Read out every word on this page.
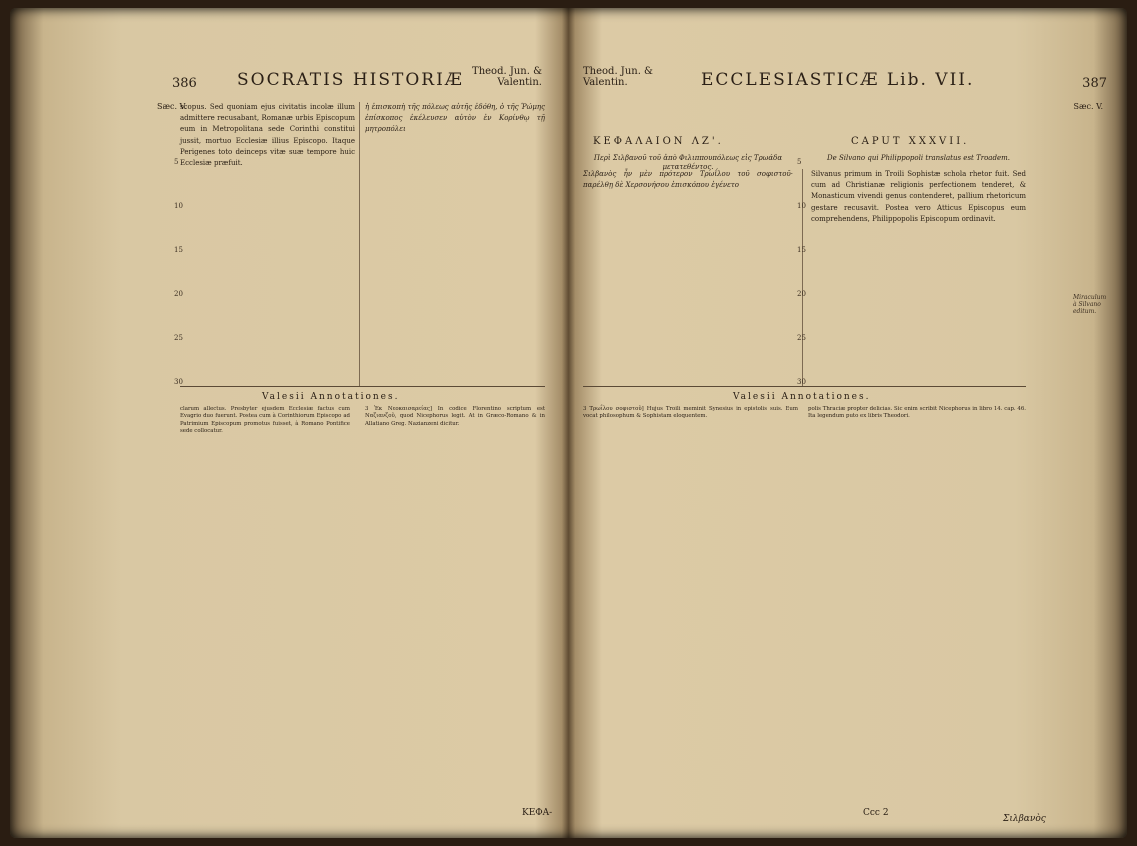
386 SOCRATIS HISTORIÆ Theod. Jun. & Valentin.
Sæc. V.
scopus. Sed quoniam ejus civitatis incolæ illum admittere recusabant, Romanæ urbis Episcopum eum in Metropolitana sede Corinthi constitui jussit, mortuo Ecclesiæ illius Episcopo. Itaque Perigenes toto deinceps vitæ suæ tempore huic Ecclesiæ præfuit.
ἡ ἐπισκοπὴ τῆς πόλεως αὐτῆς ἐδόθη, ὁ τῆς Ῥώμης ἐπίσκοπος ἐκέλευσεν αὐτὸν ἐν Κορίνθῳ τῇ μητροπόλει
Valesii Annotationes.
clarum allectus. Presbyter ejusdem Ecclesiæ factus cum Evagrio duo fuerunt. Postea cum à Corinthiorum Episcopo ad Patrimium Episcopum promotus fuisset, à Romano Pontifice sede collocatur.
3 Ἐκ Νεοκαισαρείας] In codice Florentino scriptum est Ναζιανζοῦ, quod Nicephorus legit. At in Græco-Romano & in Allatiano Greg. Nazianzeni dicitur.
ΚΕΦΑ-
5
10
15
20
25
30
Theod. Jun. & Valentin.	ECCLESIASTICÆ Lib. VII.	387
Sæc. V.
ΚΕΦΑΛΑΙΟΝ ΛΖ'.	CAPUT XXXVII.
Περὶ Σιλβανοῦ τοῦ ἀπὸ Φιλιππουπόλεως εἰς Τρωάδα μετατεθέντος.
De Silvano qui Philippopoli translatus est Troadem.
Σιλβανὸς ἦν μὲν πρότερον Τρωΐλου τοῦ σοφιστοῦ· παρέλθῃ δὲ Χερσονήσου ἐπισκόπου ἐγένετο
Silvanus primum in Troili Sophistæ schola rhetor fuit. Sed cum ad Christianæ religionis perfectionem tenderet, & Monasticum vivendi genus contenderet, pallium rhetoricum gestare recusavit. Postea vero Atticus Episcopus eum comprehendens, Philippopolis Episcopum ordinavit.
Miraculum à Silvano editum.
Valesii Annotationes.
3 Τρωΐλου σοφιστοῦ] Hujus Troili meminit Synesius in epistolis suis. Eum vocat philosophum & Sophistam eloquentem.
polis Thraciæ propter delicias. Sic enim scribit Nicephorus in libro 14. cap. 46. Ita legendum puto ex libris Theodori.
Ccc 2
Σιλβανὸς
5
10
15
20
25
30
